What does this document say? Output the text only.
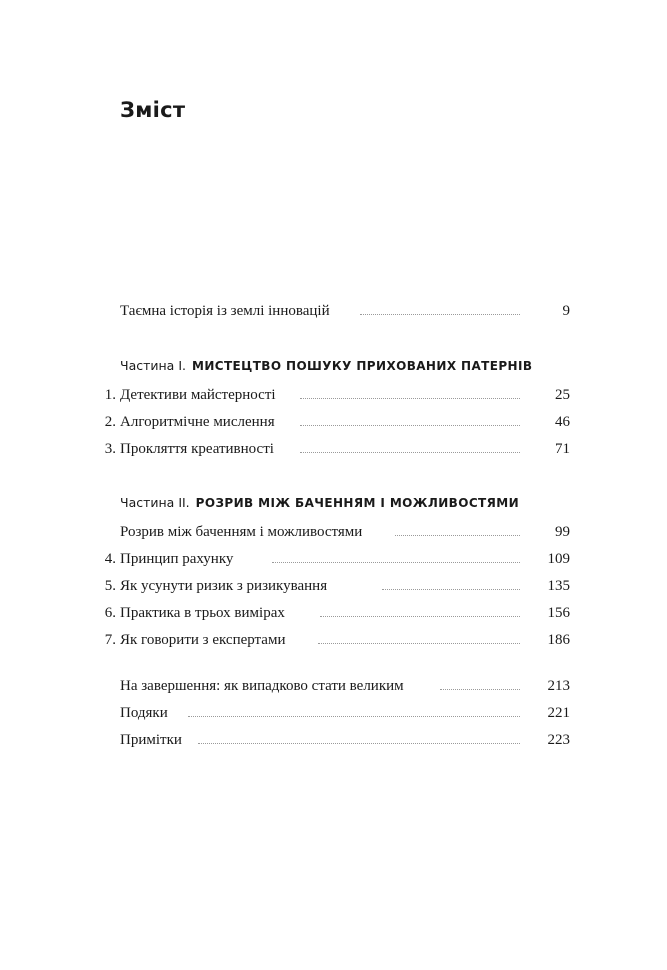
Зміст
Таємна історія із землі інновацій	9
Частина I. МИСТЕЦТВО ПОШУКУ ПРИХОВАНИХ ПАТЕРНІВ
1. Детективи майстерності	25
2. Алгоритмічне мислення	46
3. Прокляття креативності	71
Частина II. РОЗРИВ МІЖ БАЧЕННЯМ І МОЖЛИВОСТЯМИ
Розрив між баченням і можливостями	99
4. Принцип рахунку	109
5. Як усунути ризик з ризикування	135
6. Практика в трьох вимірах	156
7. Як говорити з експертами	186
На завершення: як випадково стати великим	213
Подяки	221
Примітки	223
